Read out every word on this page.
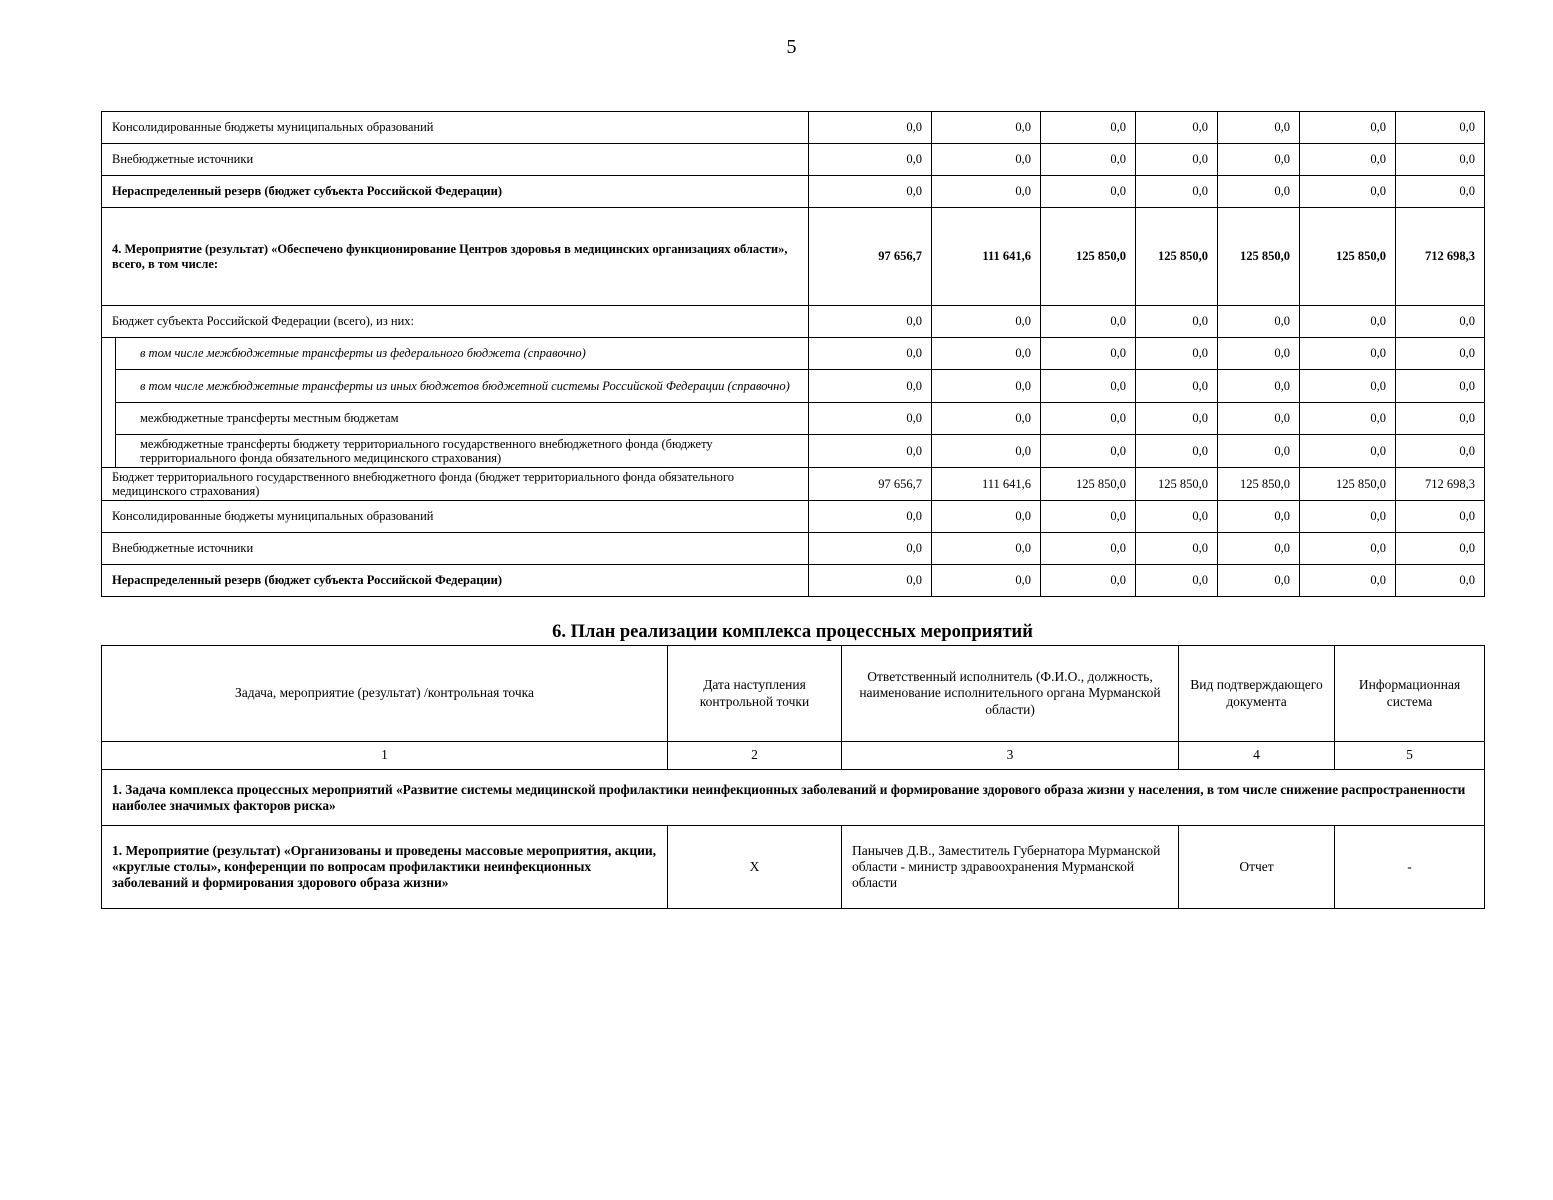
5
Консолидированные бюджеты муниципальных образований		0,0	0,0	0,0	0,0	0,0	0,0	0,0
Внебюджетные источники		0,0	0,0	0,0	0,0	0,0	0,0	0,0
Нераспределенный резерв (бюджет субъекта Российской Федерации)		0,0	0,0	0,0	0,0	0,0	0,0	0,0
4. Мероприятие (результат) «Обеспечено функционирование Центров здоровья в медицинских организациях области», всего, в том числе:		97 656,7	111 641,6	125 850,0	125 850,0	125 850,0	125 850,0	712 698,3
Бюджет субъекта Российской Федерации (всего), из них:		0,0	0,0	0,0	0,0	0,0	0,0	0,0
	в том числе межбюджетные трансферты из федерального бюджета (справочно)	0,0	0,0	0,0	0,0	0,0	0,0	0,0
	в том числе межбюджетные трансферты из иных бюджетов бюджетной системы Российской Федерации (справочно)	0,0	0,0	0,0	0,0	0,0	0,0	0,0
	межбюджетные трансферты местным бюджетам	0,0	0,0	0,0	0,0	0,0	0,0	0,0
	межбюджетные трансферты бюджету территориального государственного внебюджетного фонда (бюджету территориального фонда обязательного медицинского страхования)	0,0	0,0	0,0	0,0	0,0	0,0	0,0
Бюджет территориального государственного внебюджетного фонда (бюджет территориального фонда обязательного медицинского страхования)		97 656,7	111 641,6	125 850,0	125 850,0	125 850,0	125 850,0	712 698,3
Консолидированные бюджеты муниципальных образований		0,0	0,0	0,0	0,0	0,0	0,0	0,0
Внебюджетные источники		0,0	0,0	0,0	0,0	0,0	0,0	0,0
Нераспределенный резерв (бюджет субъекта Российской Федерации)		0,0	0,0	0,0	0,0	0,0	0,0	0,0
6. План реализации комплекса процессных мероприятий
Задача, мероприятие (результат) /контрольная точка	Дата наступления контрольной точки	Ответственный исполнитель (Ф.И.О., должность, наименование исполнительного органа Мурманской области)	Вид подтверждающего документа	Информационная система
1	2	3	4	5
1. Задача комплекса процессных мероприятий «Развитие системы медицинской профилактики неинфекционных заболеваний и формирование здорового образа жизни у населения, в том числе снижение распространенности наиболее значимых факторов риска»				
1. Мероприятие (результат) «Организованы и проведены массовые мероприятия, акции, «круглые столы», конференции по вопросам профилактики неинфекционных заболеваний и формирования здорового образа жизни»	Х	Панычев Д.В., Заместитель Губернатора Мурманской области - министр здравоохранения Мурманской области	Отчет	-
